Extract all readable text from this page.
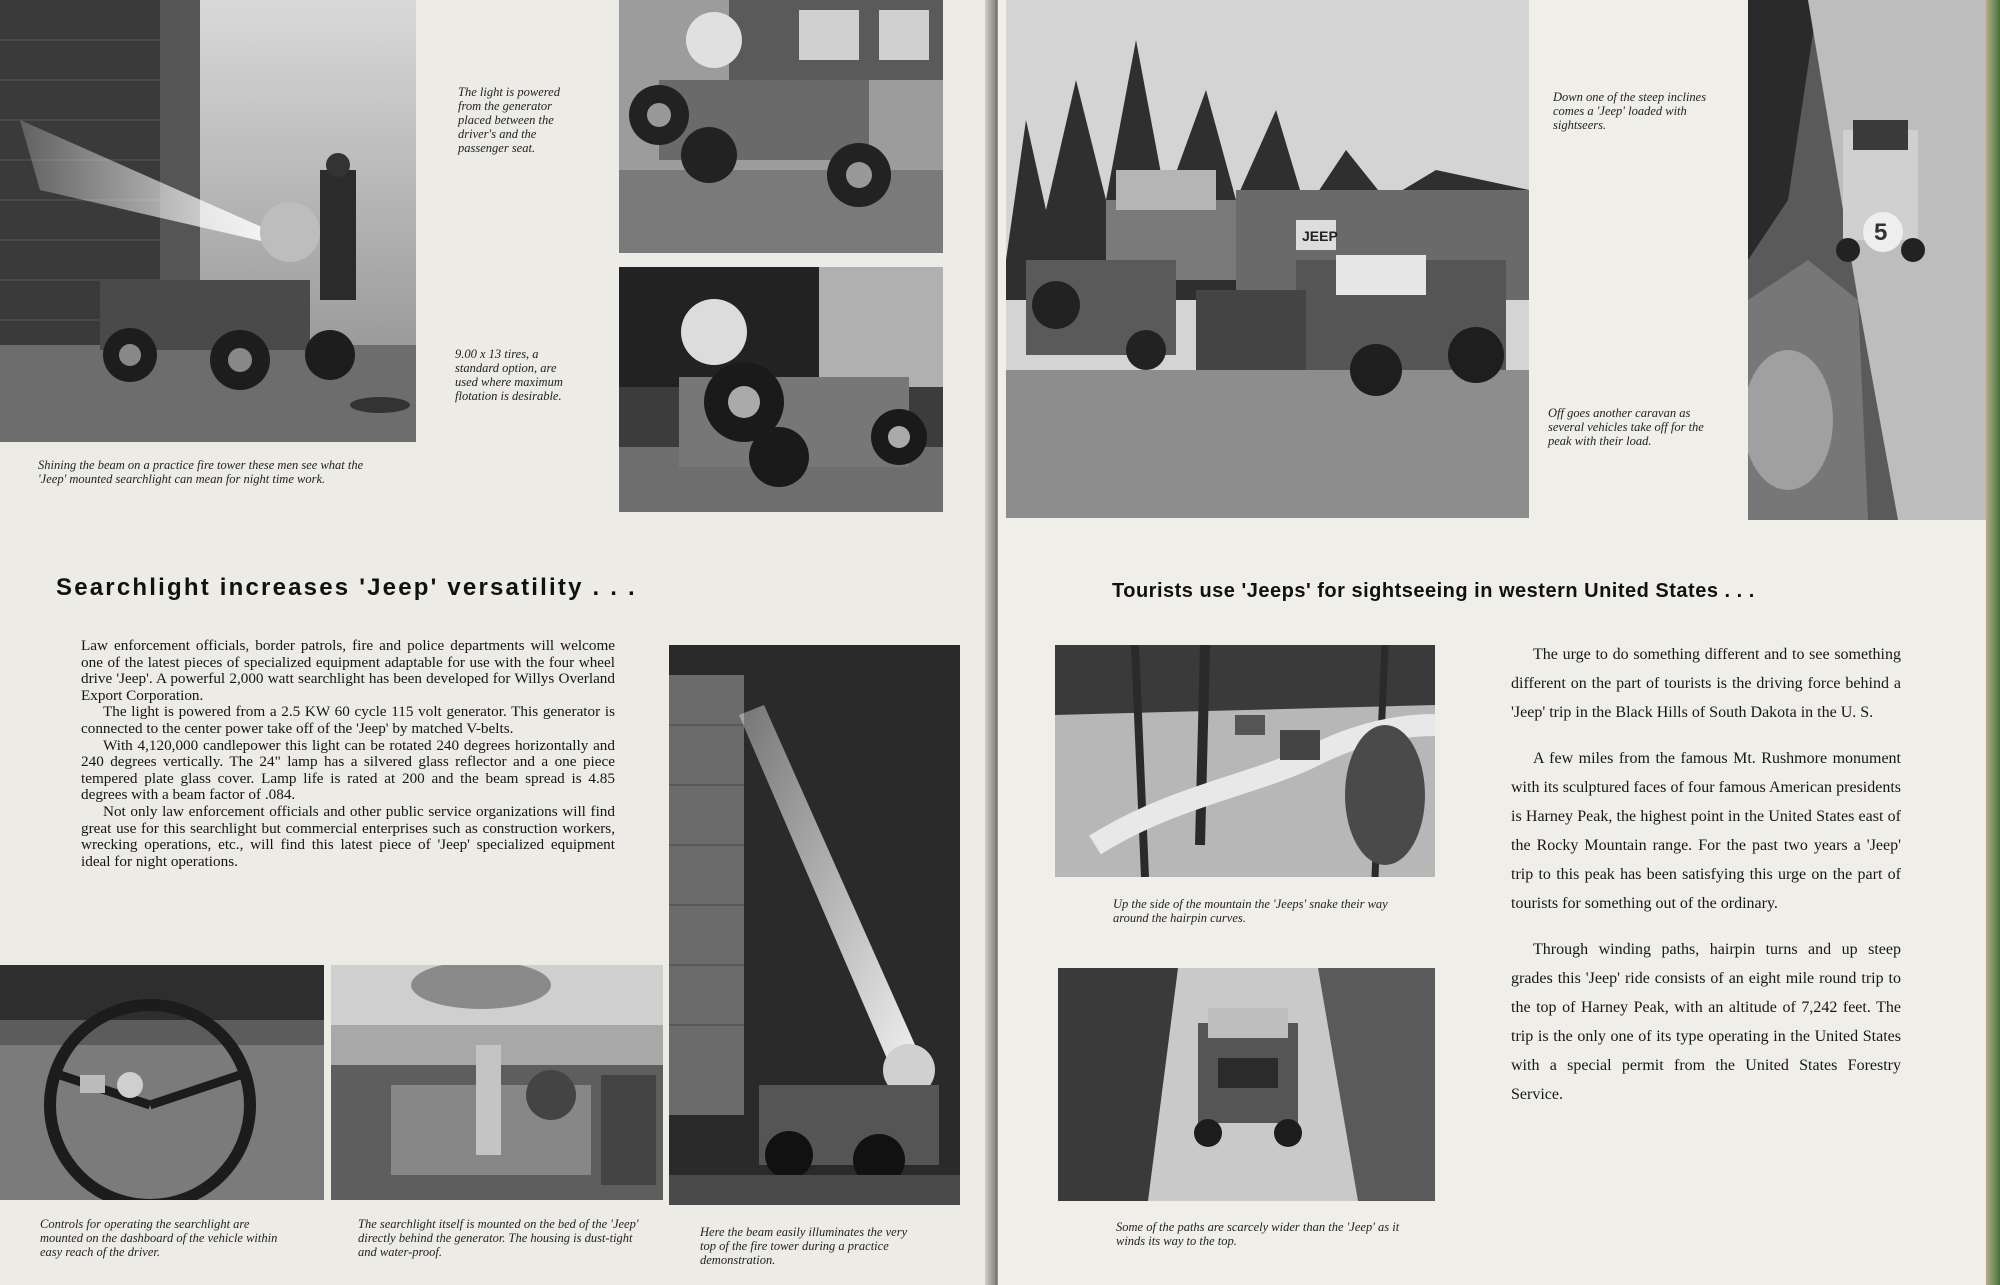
Shining the beam on a practice fire tower these men see what the 'Jeep' mounted searchlight can mean for night time work.
The light is powered from the generator placed between the driver's and the passenger seat.
9.00 x 13 tires, a standard option, are used where maximum flotation is desirable.
Searchlight increases 'Jeep' versatility . . .

Law enforcement officials, border patrols, fire and police departments will welcome one of the latest pieces of specialized equipment adaptable for use with the four wheel drive 'Jeep'. A powerful 2,000 watt searchlight has been developed for Willys Overland Export Corporation.

The light is powered from a 2.5 KW 60 cycle 115 volt generator. This generator is connected to the center power take off of the 'Jeep' by matched V-belts.

With 4,120,000 candlepower this light can be rotated 240 degrees horizontally and 240 degrees vertically. The 24" lamp has a silvered glass reflector and a one piece tempered plate glass cover. Lamp life is rated at 200 and the beam spread is 4.85 degrees with a beam factor of .084.

Not only law enforcement officials and other public service organizations will find great use for this searchlight but commercial enterprises such as construction workers, wrecking operations, etc., will find this latest piece of 'Jeep' specialized equipment ideal for night operations.

Controls for operating the searchlight are mounted on the dashboard of the vehicle within easy reach of the driver.
The searchlight itself is mounted on the bed of the 'Jeep' directly behind the generator. The housing is dust-tight and water-proof.
Here the beam easily illuminates the very top of the fire tower during a practice demonstration.
JEEP
Down one of the steep inclines comes a 'Jeep' loaded with sightseers.
Off goes another caravan as several vehicles take off for the peak with their load.
5
Tourists use 'Jeeps' for sightseeing in western United States . . .
Up the side of the mountain the 'Jeeps' snake their way around the hairpin curves.
Some of the paths are scarcely wider than the 'Jeep' as it winds its way to the top.

The urge to do something different and to see something different on the part of tourists is the driving force behind a 'Jeep' trip in the Black Hills of South Dakota in the U. S.

A few miles from the famous Mt. Rushmore monument with its sculptured faces of four famous American presidents is Harney Peak, the highest point in the United States east of the Rocky Mountain range. For the past two years a 'Jeep' trip to this peak has been satisfying this urge on the part of tourists for something out of the ordinary.

Through winding paths, hairpin turns and up steep grades this 'Jeep' ride consists of an eight mile round trip to the top of Harney Peak, with an altitude of 7,242 feet. The trip is the only one of its type operating in the United States with a special permit from the United States Forestry Service.
